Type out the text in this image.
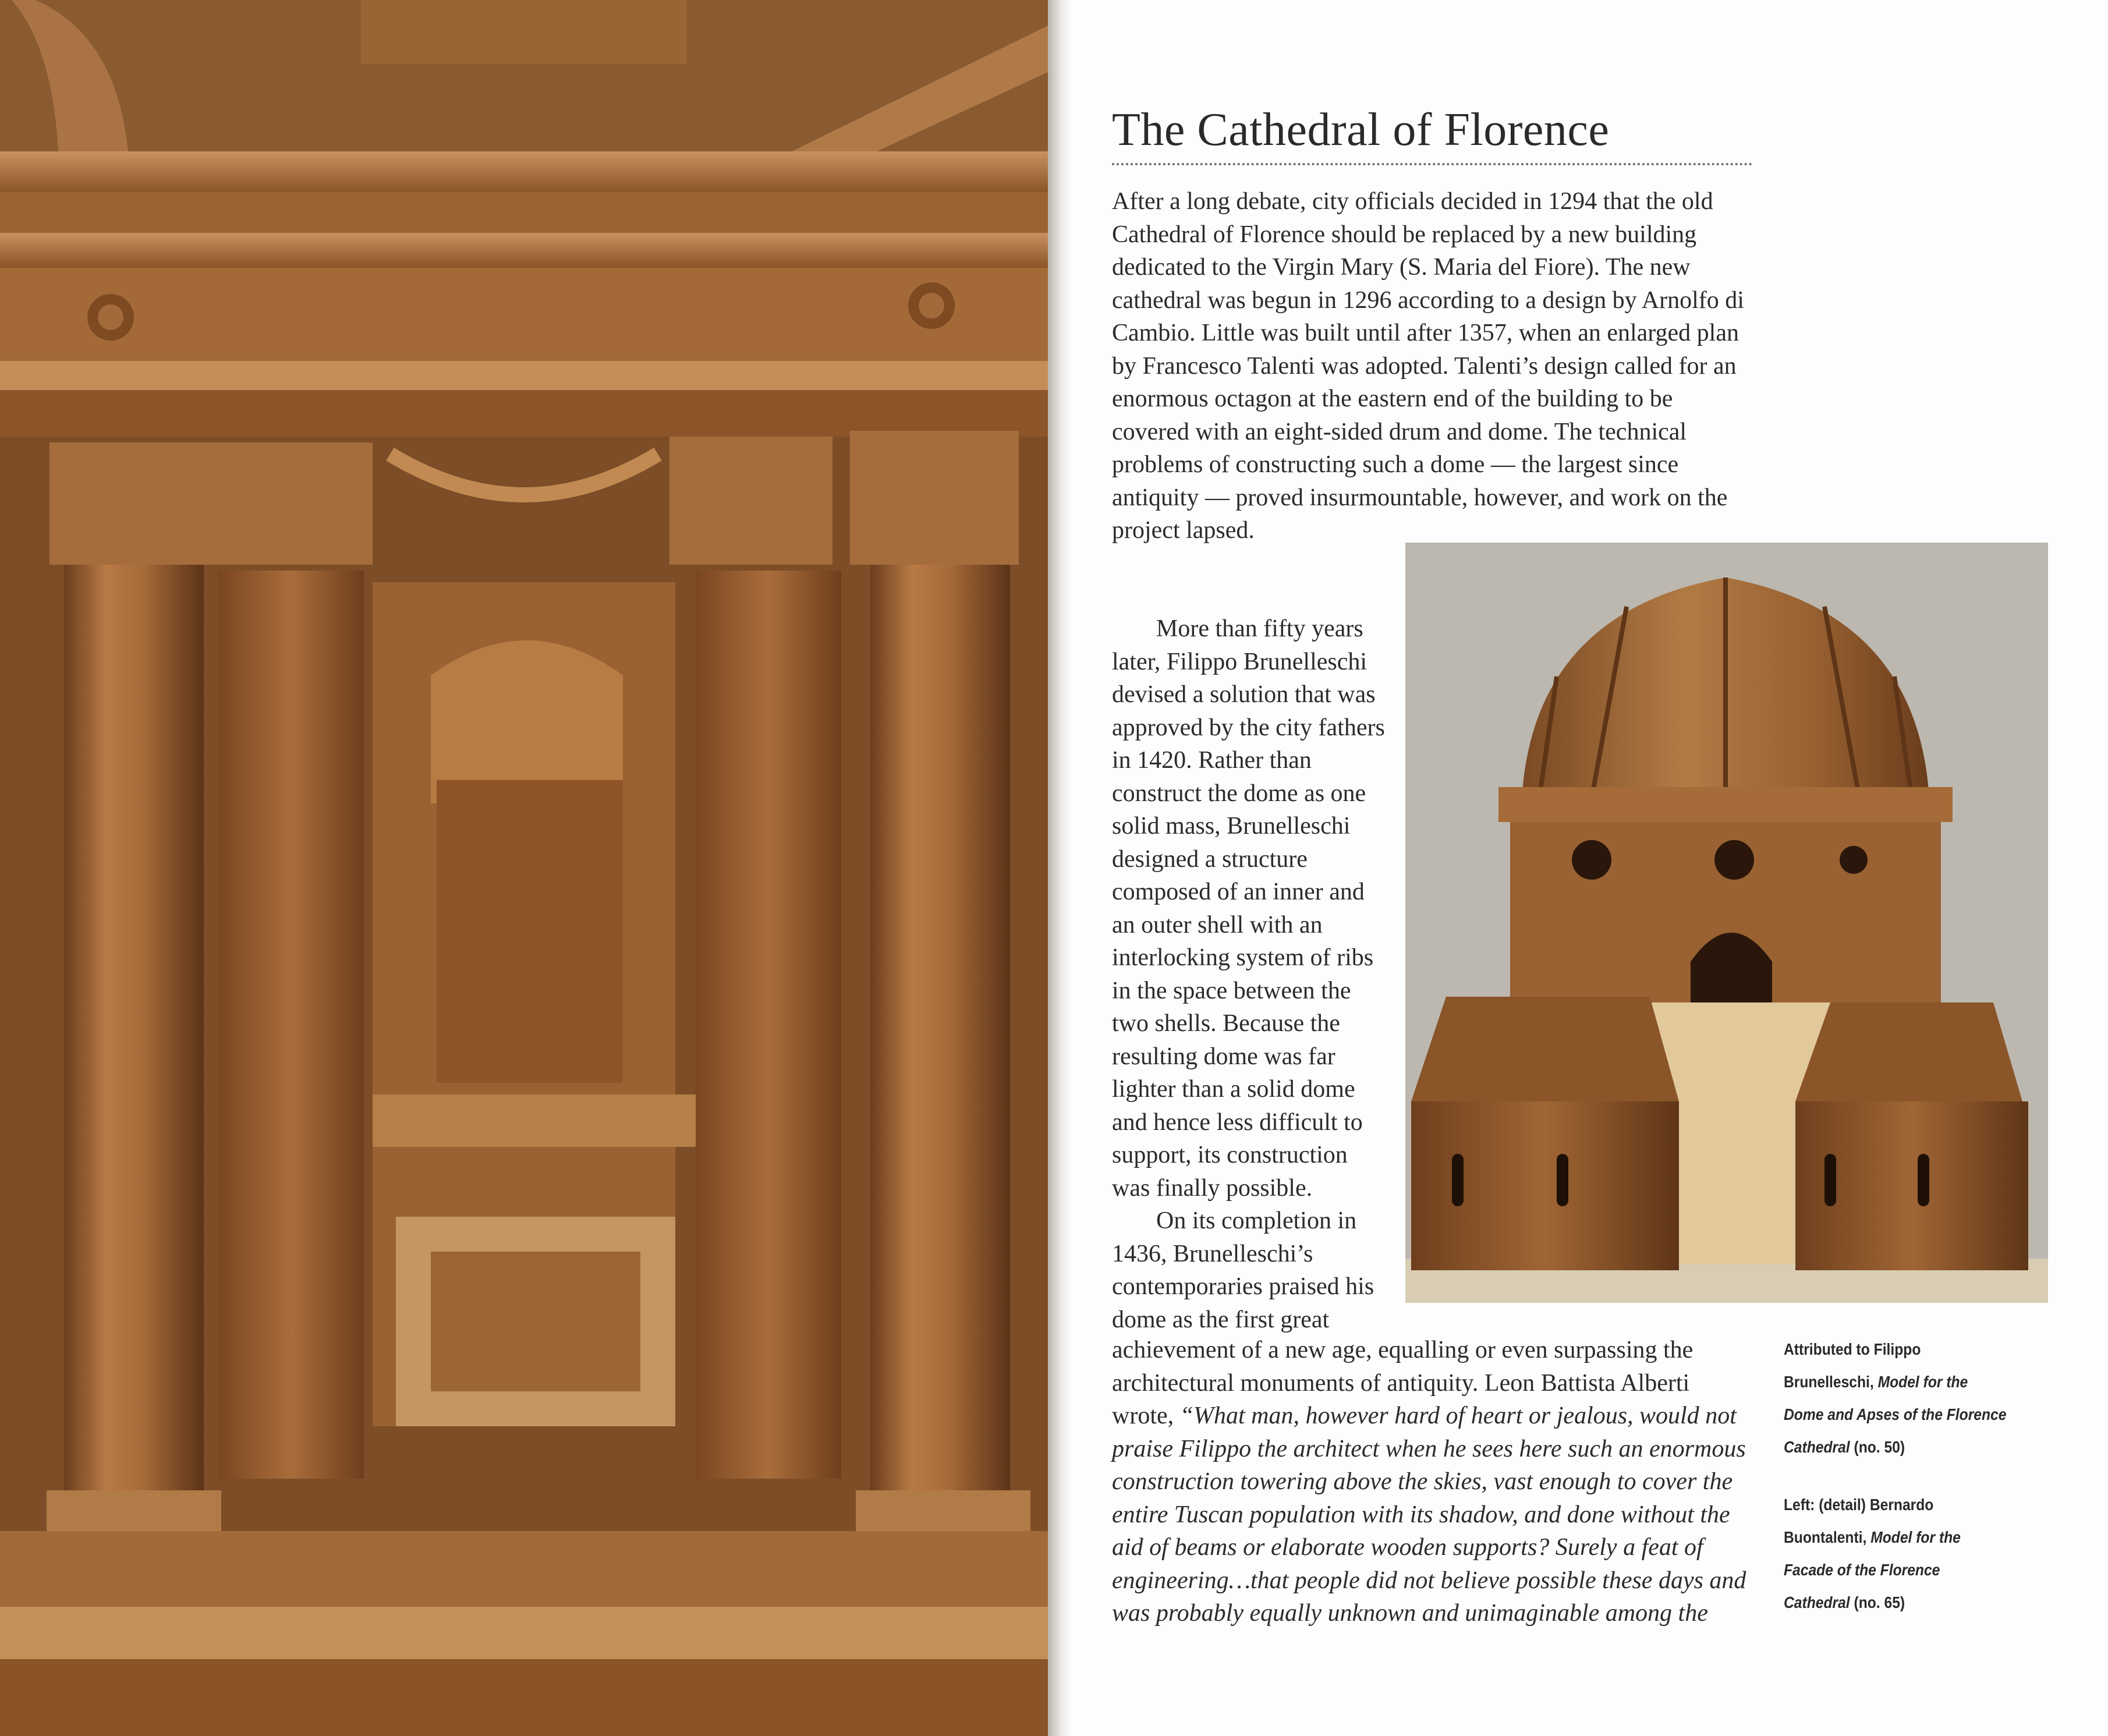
The Cathedral of Florence

After a long debate, city officials decided in 1294 that the old Cathedral of Florence should be replaced by a new building dedicated to the Virgin Mary (S. Maria del Fiore). The new cathedral was begun in 1296 according to a design by Arnolfo di Cambio. Little was built until after 1357, when an enlarged plan by Francesco Talenti was adopted. Talenti’s design called for an enormous octagon at the eastern end of the building to be covered with an eight-sided drum and dome. The technical problems of constructing such a dome — the largest since antiquity — proved insurmountable, however, and work on the project lapsed.

More than fifty years later, Filippo Brunelleschi devised a solution that was approved by the city fathers in 1420. Rather than construct the dome as one solid mass, Brunelleschi designed a structure composed of an inner and an outer shell with an interlocking system of ribs in the space between the two shells. Because the resulting dome was far lighter than a solid dome and hence less difficult to support, its construction was finally possible.

On its completion in 1436, Brunelleschi’s contemporaries praised his dome as the first great

achievement of a new age, equalling or even surpassing the architectural monuments of antiquity. Leon Battista Alberti wrote, “What man, however hard of heart or jealous, would not praise Filippo the architect when he sees here such an enormous construction towering above the skies, vast enough to cover the entire Tuscan population with its shadow, and done without the aid of beams or elaborate wooden supports? Surely a feat of engineering…that people did not believe possible these days and was probably equally unknown and unimaginable among the

Attributed to Filippo Brunelleschi, Model for the Dome and Apses of the Florence Cathedral (no. 50)
Left: (detail) Bernardo Buontalenti, Model for the Facade of the Florence Cathedral (no. 65)
